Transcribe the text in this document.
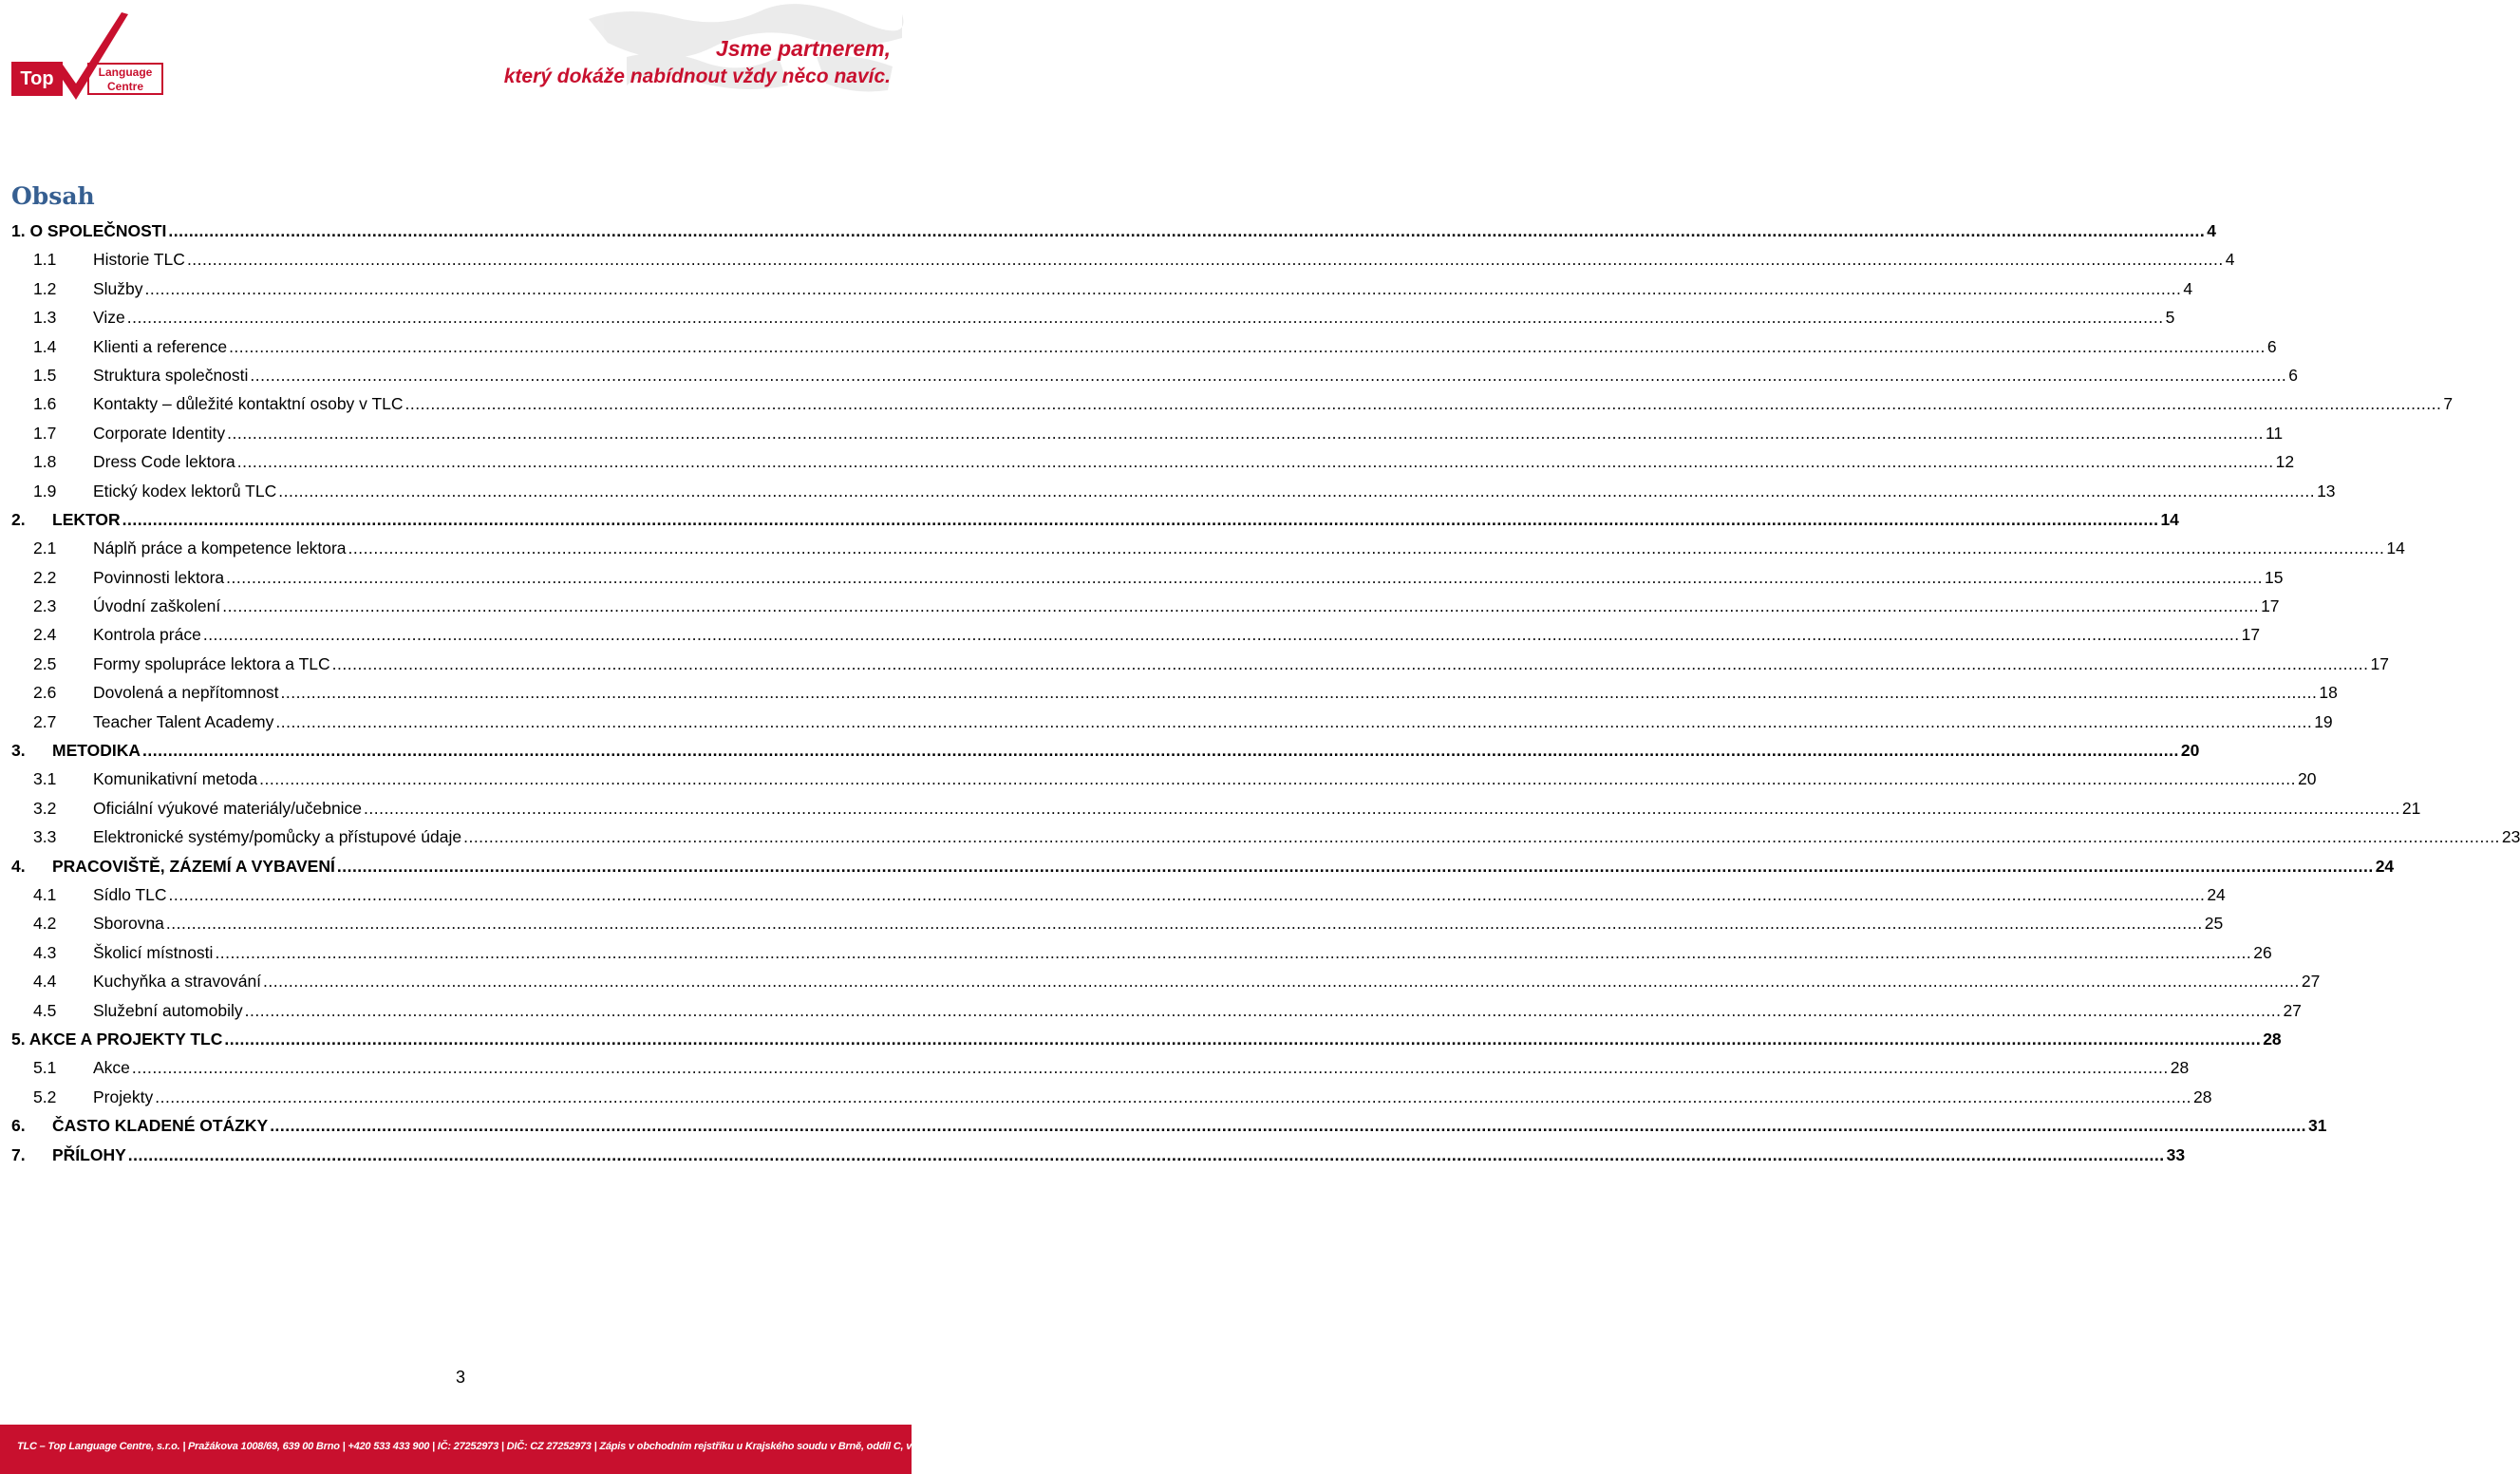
Top	Language
Centre
Jsme partnerem,
který dokáže nabídnout vždy něco navíc.
Obsah
1. O SPOLEČNOSTI ................................................................................................................................................................................................................................................................................................................................................................................................................ 4
1.1 Historie TLC ................................................................................................................................................................................................................................................................................................................................................................................................................ 4
1.2 Služby ................................................................................................................................................................................................................................................................................................................................................................................................................ 4
1.3 Vize ................................................................................................................................................................................................................................................................................................................................................................................................................ 5
1.4 Klienti a reference ................................................................................................................................................................................................................................................................................................................................................................................................................ 6
1.5 Struktura společnosti ................................................................................................................................................................................................................................................................................................................................................................................................................ 6
1.6 Kontakty – důležité kontaktní osoby v TLC ................................................................................................................................................................................................................................................................................................................................................................................................................ 7
1.7 Corporate Identity ................................................................................................................................................................................................................................................................................................................................................................................................................ 11
1.8 Dress Code lektora ................................................................................................................................................................................................................................................................................................................................................................................................................ 12
1.9 Etický kodex lektorů TLC ................................................................................................................................................................................................................................................................................................................................................................................................................ 13
2. LEKTOR ................................................................................................................................................................................................................................................................................................................................................................................................................ 14
2.1 Náplň práce a kompetence lektora ................................................................................................................................................................................................................................................................................................................................................................................................................ 14
2.2 Povinnosti lektora ................................................................................................................................................................................................................................................................................................................................................................................................................ 15
2.3 Úvodní zaškolení ................................................................................................................................................................................................................................................................................................................................................................................................................ 17
2.4 Kontrola práce ................................................................................................................................................................................................................................................................................................................................................................................................................ 17
2.5 Formy spolupráce lektora a TLC ................................................................................................................................................................................................................................................................................................................................................................................................................ 17
2.6 Dovolená a nepřítomnost ................................................................................................................................................................................................................................................................................................................................................................................................................ 18
2.7 Teacher Talent Academy ................................................................................................................................................................................................................................................................................................................................................................................................................ 19
3. METODIKA ................................................................................................................................................................................................................................................................................................................................................................................................................ 20
3.1 Komunikativní metoda ................................................................................................................................................................................................................................................................................................................................................................................................................ 20
3.2 Oficiální výukové materiály/učebnice ................................................................................................................................................................................................................................................................................................................................................................................................................ 21
3.3 Elektronické systémy/pomůcky a přístupové údaje ................................................................................................................................................................................................................................................................................................................................................................................................................ 23
4. PRACOVIŠTĚ, ZÁZEMÍ A VYBAVENÍ ................................................................................................................................................................................................................................................................................................................................................................................................................ 24
4.1 Sídlo TLC ................................................................................................................................................................................................................................................................................................................................................................................................................ 24
4.2 Sborovna ................................................................................................................................................................................................................................................................................................................................................................................................................ 25
4.3 Školicí místnosti ................................................................................................................................................................................................................................................................................................................................................................................................................ 26
4.4 Kuchyňka a stravování ................................................................................................................................................................................................................................................................................................................................................................................................................ 27
4.5 Služební automobily ................................................................................................................................................................................................................................................................................................................................................................................................................ 27
5. AKCE A PROJEKTY TLC ................................................................................................................................................................................................................................................................................................................................................................................................................ 28
5.1 Akce ................................................................................................................................................................................................................................................................................................................................................................................................................ 28
5.2 Projekty ................................................................................................................................................................................................................................................................................................................................................................................................................ 28
6. ČASTO KLADENÉ OTÁZKY ................................................................................................................................................................................................................................................................................................................................................................................................................ 31
7. PŘÍLOHY ................................................................................................................................................................................................................................................................................................................................................................................................................ 33
3
TLC – Top Language Centre, s.r.o. | Pražákova 1008/69, 639 00 Brno | +420 533 433 900 | IČ: 27252973 | DIČ: CZ 27252973 | Zápis v obchodním rejstříku u Krajského soudu v Brně, oddíl C, vložka 51914 | www.tlc.cz
